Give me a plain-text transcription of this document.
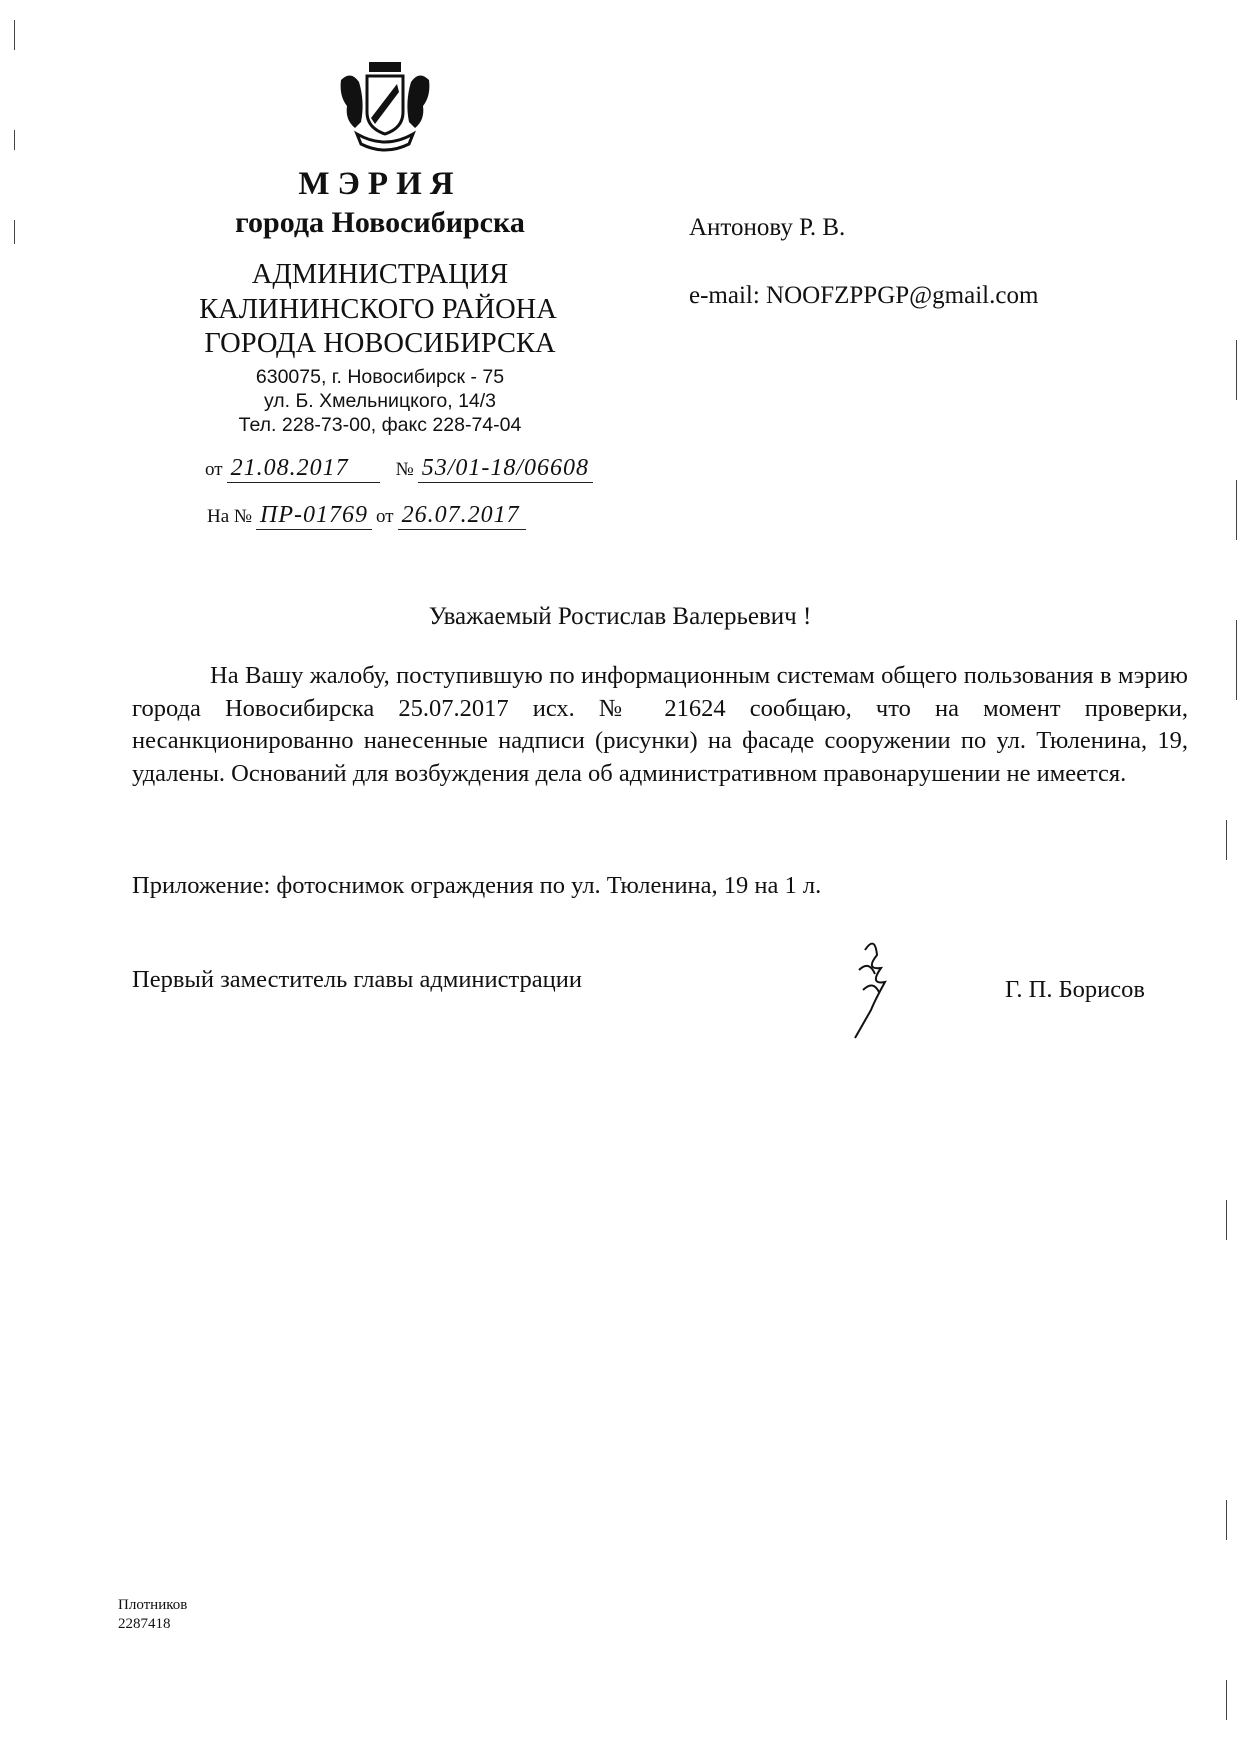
МЭРИЯ
города Новосибирска
АДМИНИСТРАЦИЯ
КАЛИНИНСКОГО РАЙОНА
ГОРОДА НОВОСИБИРСКА
630075, г. Новосибирск - 75
ул. Б. Хмельницкого, 14/3
Тел. 228-73-00, факс 228-74-04
от 21.08.2017 № 53/01-18/06608
На № ПР-01769 от 26.07.2017
Антонову Р. В.
e-mail: NOOFZPPGP@gmail.com
Уважаемый Ростислав Валерьевич !
На Вашу жалобу, поступившую по информационным системам общего пользования в мэрию города Новосибирска 25.07.2017 исх. № 21624 сообщаю, что на момент проверки, несанкционированно нанесенные надписи (рисунки) на фасаде сооружении по ул. Тюленина, 19, удалены. Оснований для возбуждения дела об административном правонарушении не имеется.
Приложение: фотоснимок ограждения по ул. Тюленина, 19 на 1 л.
Первый заместитель главы администрации	Г. П. Борисов
Плотников
2287418
